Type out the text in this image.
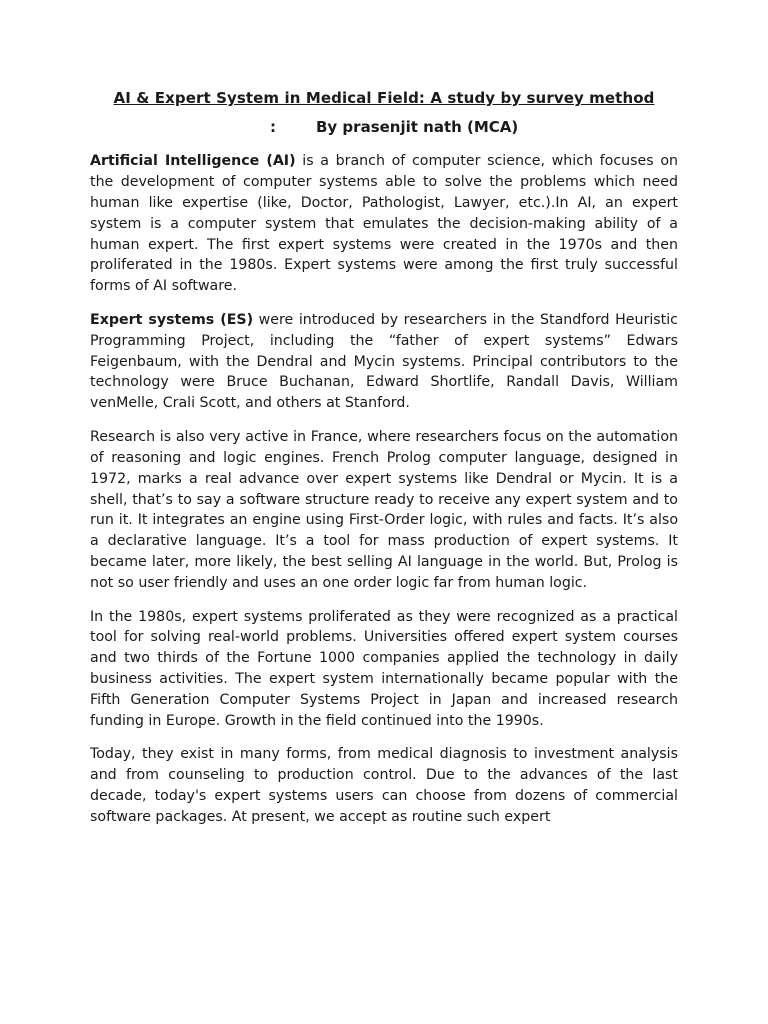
AI & Expert System in Medical Field: A study by survey method
:	By prasenjit nath (MCA)

Artificial Intelligence (AI) is a branch of computer science, which focuses on the development of computer systems able to solve the problems which need human like expertise (like, Doctor, Pathologist, Lawyer, etc.).In AI, an expert system is a computer system that emulates the decision-making ability of a human expert. The first expert systems were created in the 1970s and then proliferated in the 1980s. Expert systems were among the first truly successful forms of AI software.

Expert systems (ES) were introduced by researchers in the Standford Heuristic Programming Project, including the “father of expert systems” Edwars Feigenbaum, with the Dendral and Mycin systems. Principal contributors to the technology were Bruce Buchanan, Edward Shortlife, Randall Davis, William venMelle, Crali Scott, and others at Stanford.

Research is also very active in France, where researchers focus on the automation of reasoning and logic engines. French Prolog computer language, designed in 1972, marks a real advance over expert systems like Dendral or Mycin. It is a shell, that’s to say a software structure ready to receive any expert system and to run it. It integrates an engine using First-Order logic, with rules and facts. It’s also a declarative language. It’s a tool for mass production of expert systems. It became later, more likely, the best selling AI language in the world. But, Prolog is not so user friendly and uses an one order logic far from human logic.

In the 1980s, expert systems proliferated as they were recognized as a practical tool for solving real-world problems. Universities offered expert system courses and two thirds of the Fortune 1000 companies applied the technology in daily business activities. The expert system internationally became popular with the Fifth Generation Computer Systems Project in Japan and increased research funding in Europe. Growth in the field continued into the 1990s.

Today, they exist in many forms, from medical diagnosis to investment analysis and from counseling to production control. Due to the advances of the last decade, today's expert systems users can choose from dozens of commercial software packages. At present, we accept as routine such expert
